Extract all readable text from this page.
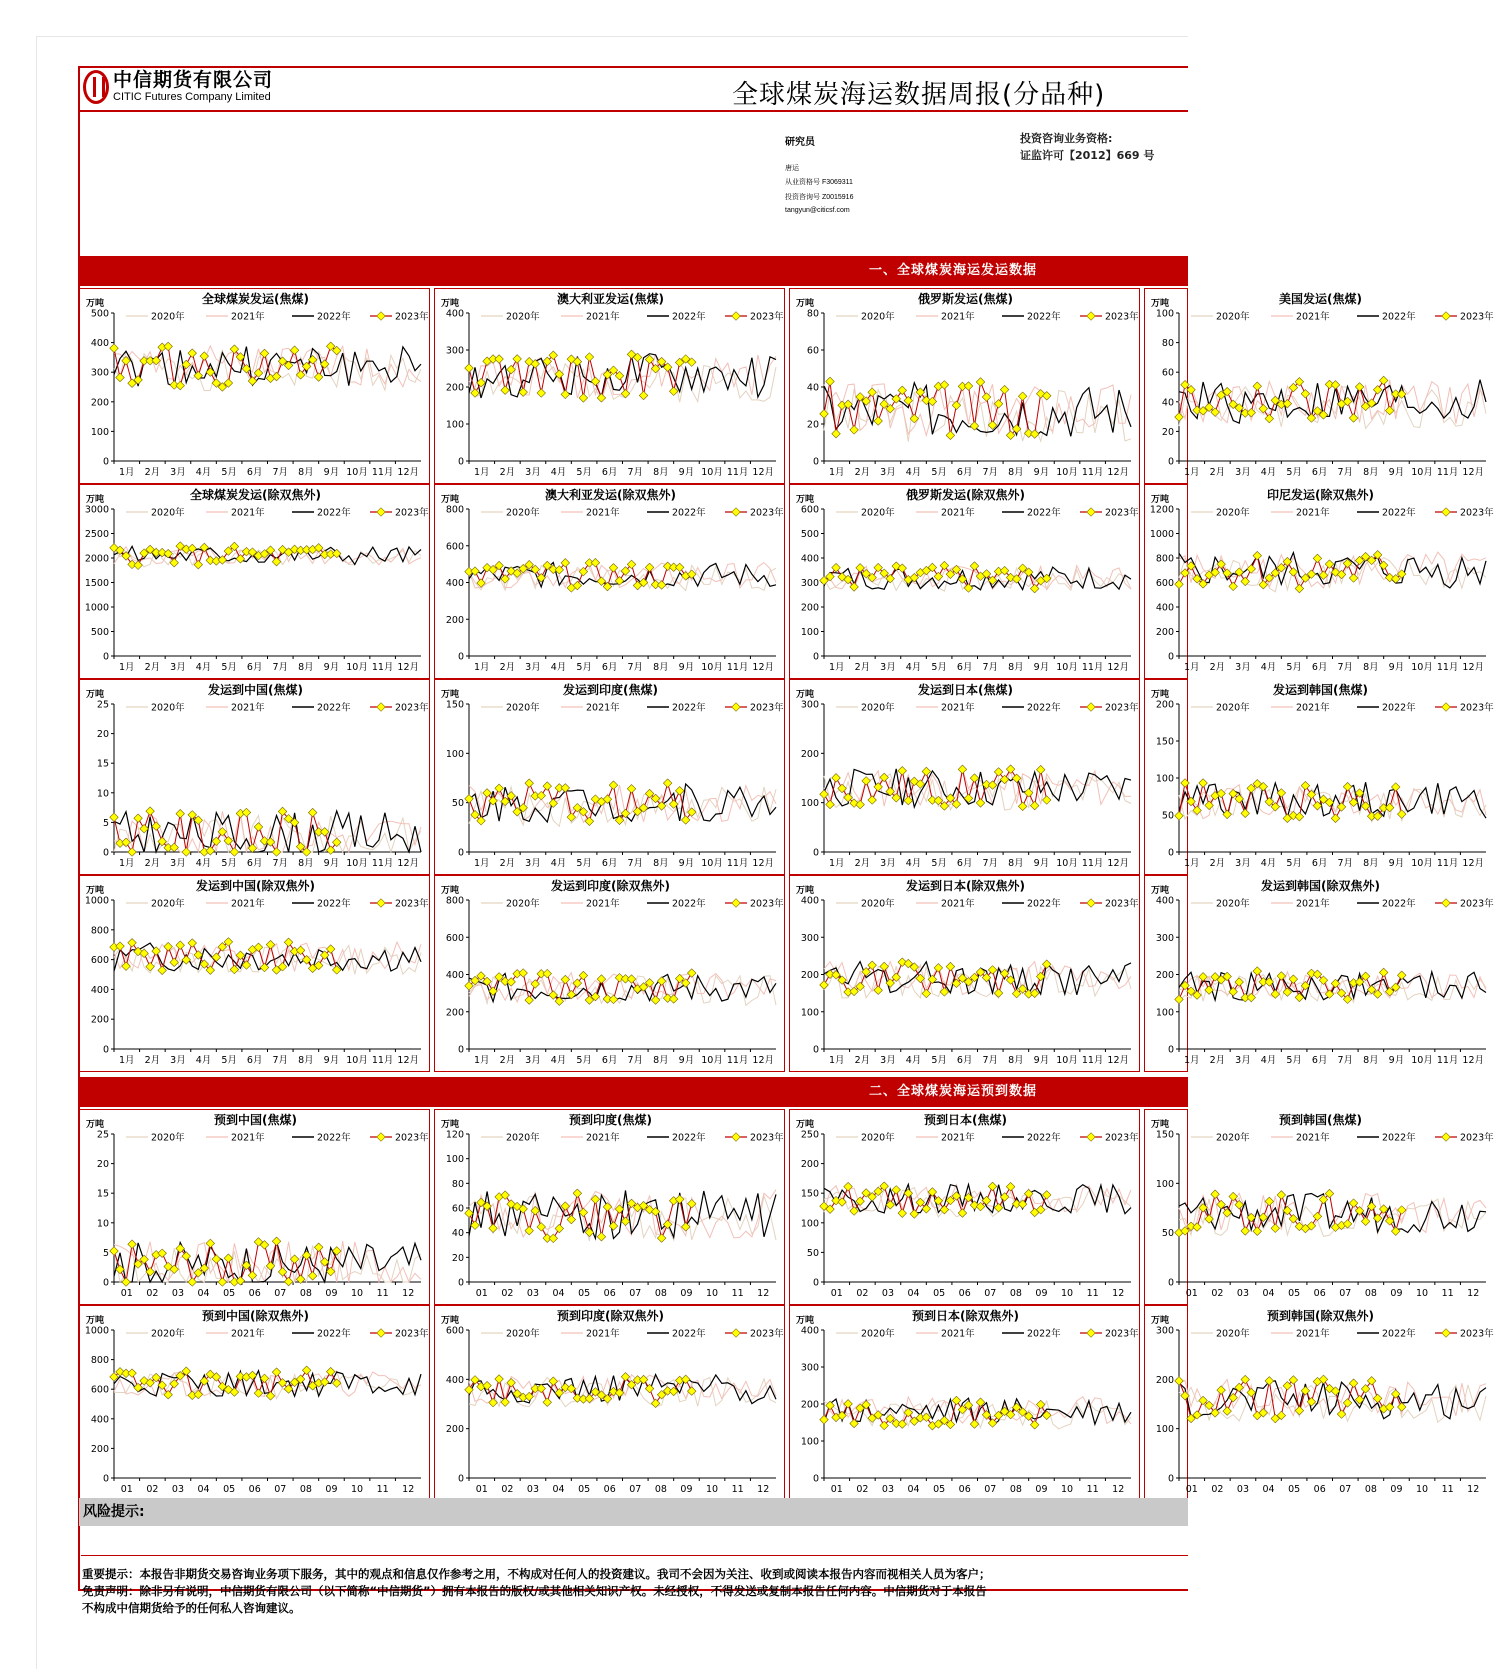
中信期货有限公司
CITIC Futures Company Limited	全球煤炭海运数据周报(分品种)
研究员
唐运
从业资格号 F3069311
投资咨询号 Z0015916
tangyun@citicsf.com
投资咨询业务资格:
证监许可【2012】669 号
一、全球煤炭海运发运数据
二、全球煤炭海运预到数据
全球煤炭发运(焦煤)
万吨
2020年	2021年	2022年	2023年
0
100
200
300
400
500
1月 2月 3月 4月 5月 6月 7月 8月 9月 10月 11月 12月
澳大利亚发运(焦煤)
万吨
2020年	2021年	2022年	2023年
0
100
200
300
400
1月 2月 3月 4月 5月 6月 7月 8月 9月 10月 11月 12月
俄罗斯发运(焦煤)
万吨
2020年	2021年	2022年	2023年
0
20
40
60
80
1月 2月 3月 4月 5月 6月 7月 8月 9月 10月 11月 12月
美国发运(焦煤)
万吨
2020年	2021年	2022年	2023年
0
20
40
60
80
100
1月 2月 3月 4月 5月 6月 7月 8月 9月 10月 11月 12月
全球煤炭发运(除双焦外)
万吨
2020年	2021年	2022年	2023年
0
500
1000
1500
2000
2500
3000
1月 2月 3月 4月 5月 6月 7月 8月 9月 10月 11月 12月
澳大利亚发运(除双焦外)
万吨
2020年	2021年	2022年	2023年
0
200
400
600
800
1月 2月 3月 4月 5月 6月 7月 8月 9月 10月 11月 12月
俄罗斯发运(除双焦外)
万吨
2020年	2021年	2022年	2023年
0
100
200
300
400
500
600
1月 2月 3月 4月 5月 6月 7月 8月 9月 10月 11月 12月
印尼发运(除双焦外)
万吨
2020年	2021年	2022年	2023年
0
200
400
600
800
1000
1200
1月 2月 3月 4月 5月 6月 7月 8月 9月 10月 11月 12月
发运到中国(焦煤)
万吨
2020年	2021年	2022年	2023年
0
5
10
15
20
25
1月 2月 3月 4月 5月 6月 7月 8月 9月 10月 11月 12月
发运到印度(焦煤)
万吨
2020年	2021年	2022年	2023年
0
50
100
150
1月 2月 3月 4月 5月 6月 7月 8月 9月 10月 11月 12月
发运到日本(焦煤)
万吨
2020年	2021年	2022年	2023年
0
100
200
300
1月 2月 3月 4月 5月 6月 7月 8月 9月 10月 11月 12月
发运到韩国(焦煤)
万吨
2020年	2021年	2022年	2023年
0
50
100
150
200
1月 2月 3月 4月 5月 6月 7月 8月 9月 10月 11月 12月
发运到中国(除双焦外)
万吨
2020年	2021年	2022年	2023年
0
200
400
600
800
1000
1月 2月 3月 4月 5月 6月 7月 8月 9月 10月 11月 12月
发运到印度(除双焦外)
万吨
2020年	2021年	2022年	2023年
0
200
400
600
800
1月 2月 3月 4月 5月 6月 7月 8月 9月 10月 11月 12月
发运到日本(除双焦外)
万吨
2020年	2021年	2022年	2023年
0
100
200
300
400
1月 2月 3月 4月 5月 6月 7月 8月 9月 10月 11月 12月
发运到韩国(除双焦外)
万吨
2020年	2021年	2022年	2023年
0
100
200
300
400
1月 2月 3月 4月 5月 6月 7月 8月 9月 10月 11月 12月
预到中国(焦煤)
万吨
2020年	2021年	2022年	2023年
0
5
10
15
20
25
01 02 03 04 05 06 07 08 09 10 11 12
预到印度(焦煤)
万吨
2020年	2021年	2022年	2023年
0
20
40
60
80
100
120
01 02 03 04 05 06 07 08 09 10 11 12
预到日本(焦煤)
万吨
2020年	2021年	2022年	2023年
0
50
100
150
200
250
01 02 03 04 05 06 07 08 09 10 11 12
预到韩国(焦煤)
万吨
2020年	2021年	2022年	2023年
0
50
100
150
01 02 03 04 05 06 07 08 09 10 11 12
预到中国(除双焦外)
万吨
2020年	2021年	2022年	2023年
0
200
400
600
800
1000
01 02 03 04 05 06 07 08 09 10 11 12
预到印度(除双焦外)
万吨
2020年	2021年	2022年	2023年
0
200
400
600
01 02 03 04 05 06 07 08 09 10 11 12
预到日本(除双焦外)
万吨
2020年	2021年	2022年	2023年
0
100
200
300
400
01 02 03 04 05 06 07 08 09 10 11 12
预到韩国(除双焦外)
万吨
2020年	2021年	2022年	2023年
0
100
200
300
01 02 03 04 05 06 07 08 09 10 11 12
风险提示:
重要提示：本报告非期货交易咨询业务项下服务，其中的观点和信息仅作参考之用，不构成对任何人的投资建议。我司不会因为关注、收到或阅读本报告内容而视相关人员为客户；
免责声明：除非另有说明，中信期货有限公司（以下简称“中信期货”）拥有本报告的版权/或其他相关知识产权。未经授权，不得发送或复制本报告任何内容。中信期货对于本报告
不构成中信期货给予的任何私人咨询建议。
